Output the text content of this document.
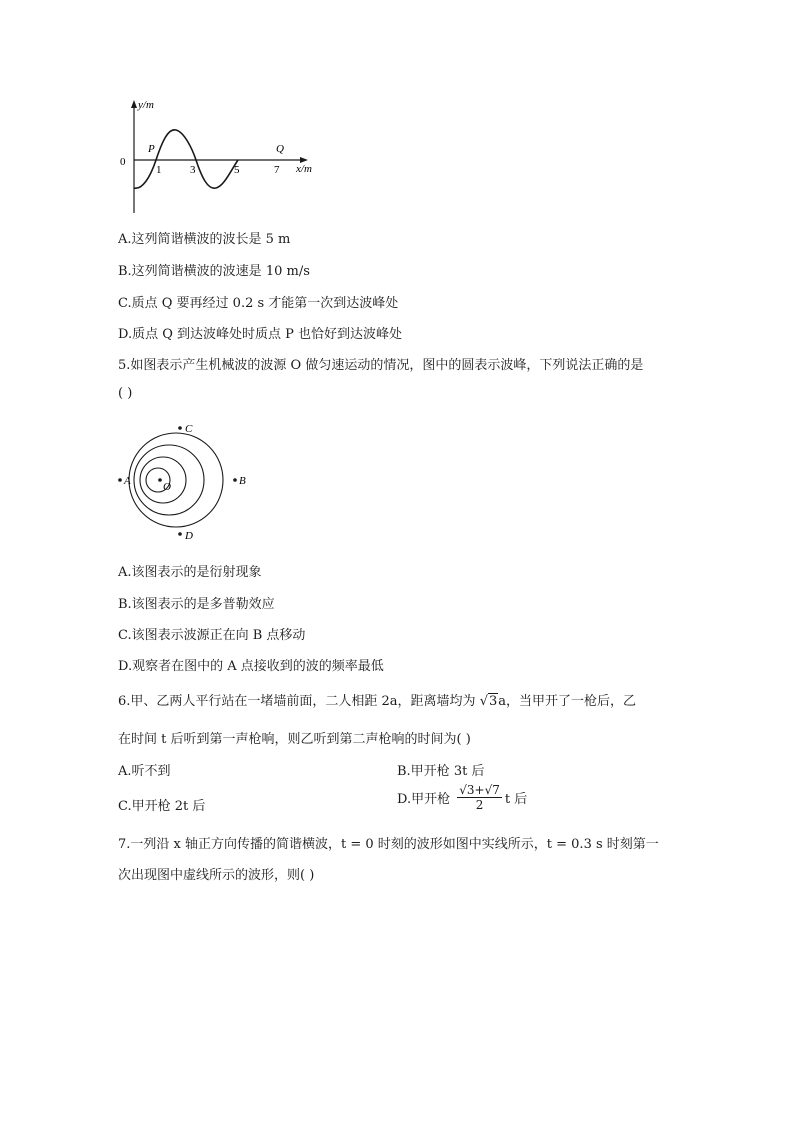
y/m
x/m
0
P	Q
1	3	5	7
A.这列简谐横波的波长是 5 m
B.这列简谐横波的波速是 10 m/s
C.质点 Q 要再经过 0.2 s 才能第一次到达波峰处
D.质点 Q 到达波峰处时质点 P 也恰好到达波峰处
5.如图表示产生机械波的波源 O 做匀速运动的情况，图中的圆表示波峰，下列说法正确的是
( )
A	B
C
D
O
A.该图表示的是衍射现象
B.该图表示的是多普勒效应
C.该图表示波源正在向 B 点移动
D.观察者在图中的 A 点接收到的波的频率最低
6.甲、乙两人平行站在一堵墙前面，二人相距 2a，距离墙均为 √3a，当甲开了一枪后，乙
在时间 t 后听到第一声枪响，则乙听到第二声枪响的时间为( )
A.听不到	B.甲开枪 3t 后
C.甲开枪 2t 后	D.甲开枪 $\frac{√3+√7}{2}$ t 后
7.一列沿 x 轴正方向传播的简谐横波，t = 0 时刻的波形如图中实线所示，t = 0.3 s 时刻第一
次出现图中虚线所示的波形，则( )
